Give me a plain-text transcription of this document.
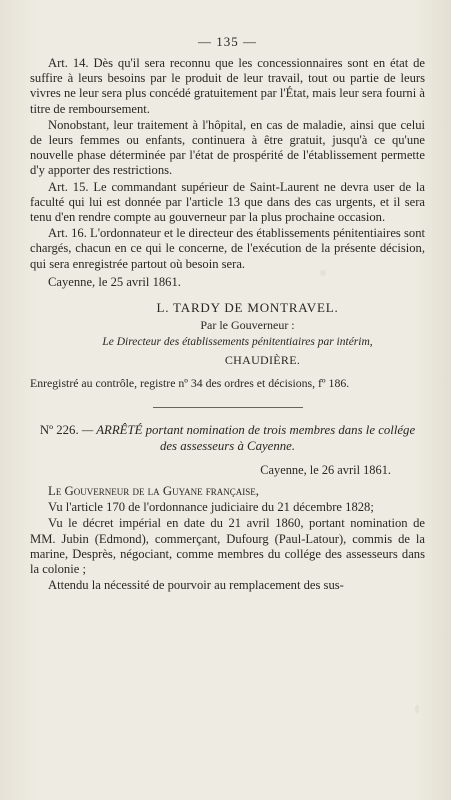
— 135 —

Art. 14. Dès qu'il sera reconnu que les concessionnaires sont en état de suffire à leurs besoins par le produit de leur travail, tout ou partie de leurs vivres ne leur sera plus concédé gratuitement par l'État, mais leur sera fourni à titre de remboursement.

Nonobstant, leur traitement à l'hôpital, en cas de maladie, ainsi que celui de leurs femmes ou enfants, continuera à être gratuit, jusqu'à ce qu'une nouvelle phase déterminée par l'état de prospérité de l'établissement permette d'y apporter des restrictions.

Art. 15. Le commandant supérieur de Saint-Laurent ne devra user de la faculté qui lui est donnée par l'article 13 que dans des cas urgents, et il sera tenu d'en rendre compte au gouverneur par la plus prochaine occasion.

Art. 16. L'ordonnateur et le directeur des établissements pénitentiaires sont chargés, chacun en ce qui le concerne, de l'exécution de la présente décision, qui sera enregistrée partout où besoin sera.

Cayenne, le 25 avril 1861.

L. TARDY DE MONTRAVEL.
Par le Gouverneur :
Le Directeur des établissements pénitentiaires par intérim,
CHAUDIÈRE.

Enregistré au contrôle, registre nº 34 des ordres et décisions, fº 186.

Nº 226. — ARRÊTÉ portant nomination de trois membres dans le collége des assesseurs à Cayenne.
Cayenne, le 26 avril 1861.

Le Gouverneur de la Guyane française,

Vu l'article 170 de l'ordonnance judiciaire du 21 décembre 1828;

Vu le décret impérial en date du 21 avril 1860, portant nomination de MM. Jubin (Edmond), commerçant, Dufourg (Paul-Latour), commis de la marine, Desprès, négociant, comme membres du collége des assesseurs dans la colonie ;

Attendu la nécessité de pourvoir au remplacement des sus-
